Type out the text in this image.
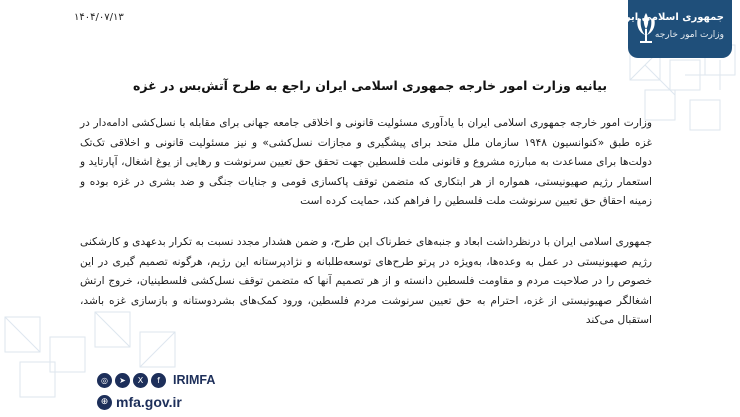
جمهوری اسلامی ایران
وزارت امور خارجه
۱۴۰۴/۰۷/۱۳
بیانیه وزارت امور خارجه جمهوری اسلامی ایران راجع به طرح آتش‌بس در غزه
وزارت امور خارجه جمهوری اسلامی ایران با یادآوری مسئولیت قانونی و اخلاقی جامعه جهانی برای مقابله با نسل‌کشی ادامه‌دار در غزه طبق «کنوانسیون ۱۹۴۸ سازمان ملل متحد برای پیشگیری و مجازات نسل‌کشی» و نیز مسئولیت قانونی و اخلاقی تک‌تک دولت‌ها برای مساعدت به مبارزه مشروع و قانونی ملت فلسطین جهت تحقق حق تعیین سرنوشت و رهایی از یوغ اشغال، آپارتاید و استعمار رژیم صهیونیستی، همواره از هر ابتکاری که متضمن توقف پاکسازی قومی و جنایات جنگی و ضد بشری در غزه بوده و زمینه احقاق حق تعیین سرنوشت ملت فلسطین را فراهم کند، حمایت کرده است
جمهوری اسلامی ایران با درنظرداشت ابعاد و جنبه‌های خطرناک این طرح، و ضمن هشدار مجدد نسبت به تکرار بدعهدی و کارشکنی رژیم صهیونیستی در عمل به وعده‌ها، به‌ویژه در پرتو طرح‌های توسعه‌طلبانه و نژادپرستانه این رژیم، هرگونه تصمیم گیری در این خصوص را در صلاحیت مردم و مقاومت فلسطین دانسته و از هر تصمیم آنها که متضمن توقف نسل‌کشی فلسطینیان، خروج ارتش اشغالگر صهیونیستی از غزه، احترام به حق تعیین سرنوشت مردم فلسطین، ورود کمک‌های بشردوستانه و بازسازی غزه باشد، استقبال می‌کند
◎	➤	X	f	IRIMFA
⊕ mfa.gov.ir
